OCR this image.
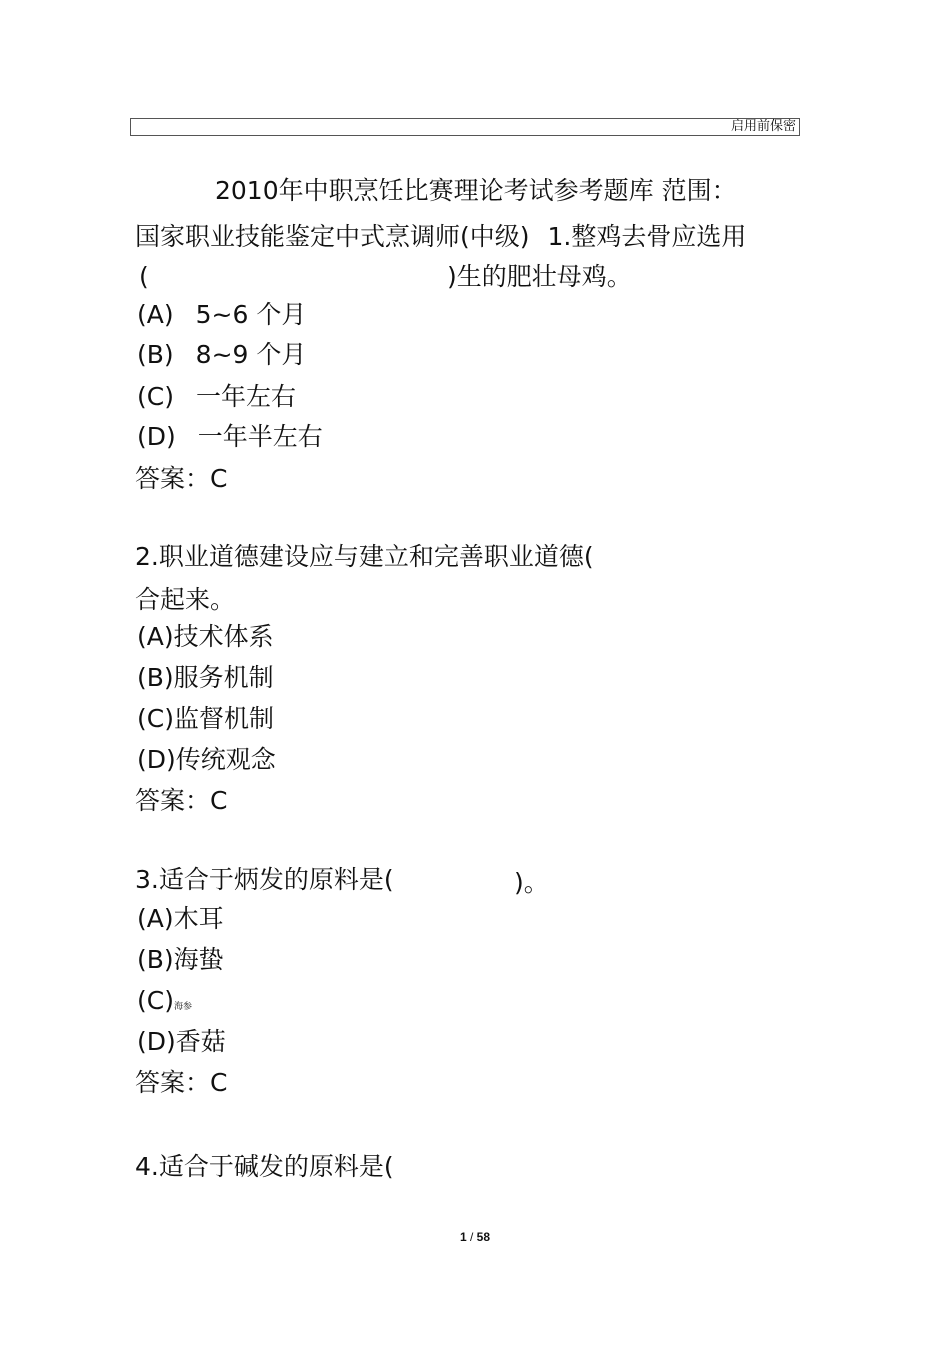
启用前保密
2010年中职烹饪比赛理论考试参考题库 范围：
国家职业技能鉴定中式烹调师(中级) 1.整鸡去骨应选用
(	)生的肥壮母鸡。
(A) 5~6 个月
(B) 8~9 个月
(C) 一年左右
(D) 一年半左右
答案：C
2.职业道德建设应与建立和完善职业道德(
合起来。
(A)技术体系
(B)服务机制
(C)监督机制
(D)传统观念
答案：C
3.适合于炳发的原料是(	)。
(A)木耳
(B)海蛰
(C)海参
(D)香菇
答案：C
4.适合于碱发的原料是(
1 / 58
